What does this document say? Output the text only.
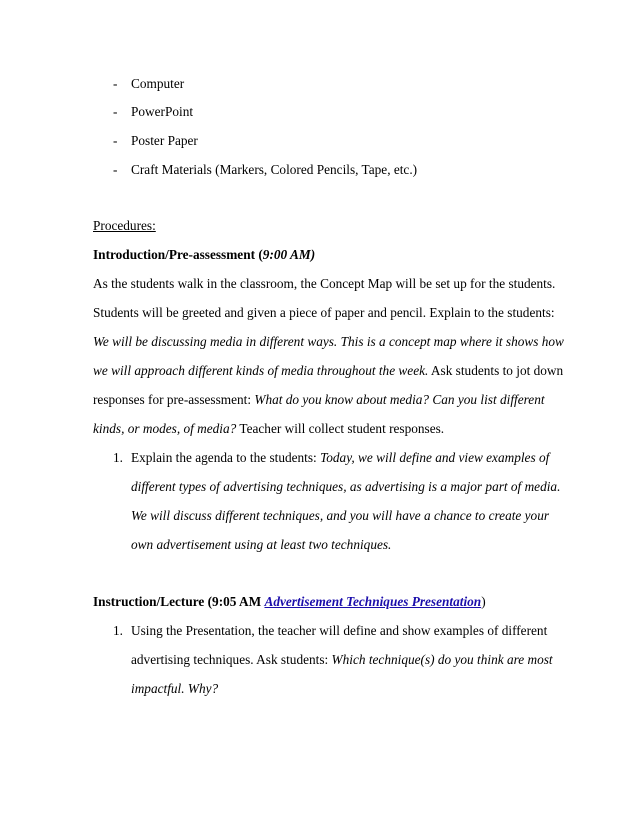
- Computer
- PowerPoint
- Poster Paper
- Craft Materials (Markers, Colored Pencils, Tape, etc.)
Procedures:
Introduction/Pre-assessment (9:00 AM)
As the students walk in the classroom, the Concept Map will be set up for the students.
Students will be greeted and given a piece of paper and pencil. Explain to the students:
We will be discussing media in different ways. This is a concept map where it shows how
we will approach different kinds of media throughout the week. Ask students to jot down
responses for pre-assessment: What do you know about media? Can you list different
kinds, or modes, of media? Teacher will collect student responses.
1. Explain the agenda to the students: Today, we will define and view examples of
different types of advertising techniques, as advertising is a major part of media.
We will discuss different techniques, and you will have a chance to create your
own advertisement using at least two techniques.
Instruction/Lecture (9:05 AM Advertisement Techniques Presentation)
1. Using the Presentation, the teacher will define and show examples of different
advertising techniques. Ask students: Which technique(s) do you think are most
impactful. Why?
